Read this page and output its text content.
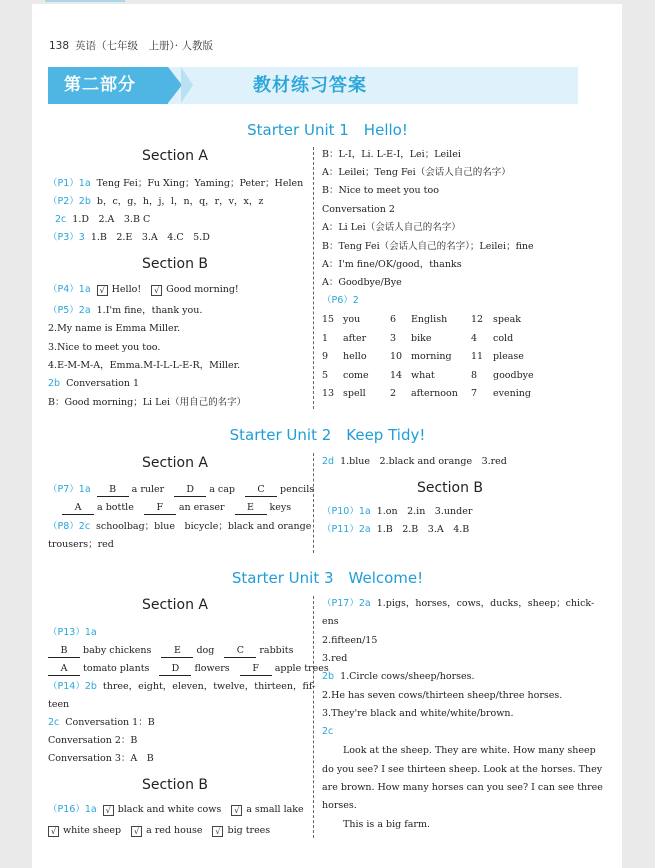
138 英语（七年级　上册）· 人教版
第二部分	教材练习答案
Starter Unit 1　Hello!
Section A
（P1）1a Teng Fei；Fu Xing；Yaming；Peter；Helen
（P2）2b b，c，g，h，j，l，n，q，r，v，x，z
2c 1.D　2.A　3.B C
（P3）3 1.B　2.E　3.A　4.C　5.D
Section B
（P4）1a √ Hello! √ Good morning!
（P5）2a 1.I'm fine，thank you.
2.My name is Emma Miller.
3.Nice to meet you too.
4.E-M-M-A，Emma.M-I-L-L-E-R，Miller.
2b Conversation 1
B：Good morning；Li Lei（用自己的名字）
B：L-I，Li. L-E-I，Lei；Leilei
A：Leilei；Teng Fei（会话人自己的名字）
B：Nice to meet you too
Conversation 2
A：Li Lei（会话人自己的名字）
B：Teng Fei（会话人自己的名字）；Leilei；fine
A：I'm fine/OK/good，thanks
A：Goodbye/Bye
（P6）2
15 you	6 English	12 speak
1 after	3 bike	4 cold
9 hello 10 morning 11 please
5 come 14 what	8 goodbye
13 spell	2 afternoon 7 evening
Starter Unit 2　Keep Tidy!
Section A
（P7）1a B a ruler D a cap C pencils
A a bottle F an eraser E keys
（P8）2c schoolbag；blue　bicycle；black and orange
trousers；red
2d 1.blue　2.black and orange　3.red
Section B
（P10）1a 1.on　2.in　3.under
（P11）2a 1.B　2.B　3.A　4.B
Starter Unit 3　Welcome!
Section A
（P13）1a
B baby chickens E dog C rabbits
A tomato plants D flowers F apple trees
（P14）2b three，eight，eleven，twelve，thirteen，fif-
teen
2c Conversation 1：B
Conversation 2：B
Conversation 3：A　B
Section B
（P16）1a √ black and white cows √ a small lake
√ white sheep √ a red house √ big trees
（P17）2a 1.pigs，horses，cows，ducks，sheep；chick-
ens
2.fifteen/15
3.red
2b 1.Circle cows/sheep/horses.
2.He has seven cows/thirteen sheep/three horses.
3.They're black and white/white/brown.
2c
Look at the sheep. They are white. How many sheep
do you see? I see thirteen sheep. Look at the horses. They
are brown. How many horses can you see? I can see three
horses.
This is a big farm.
